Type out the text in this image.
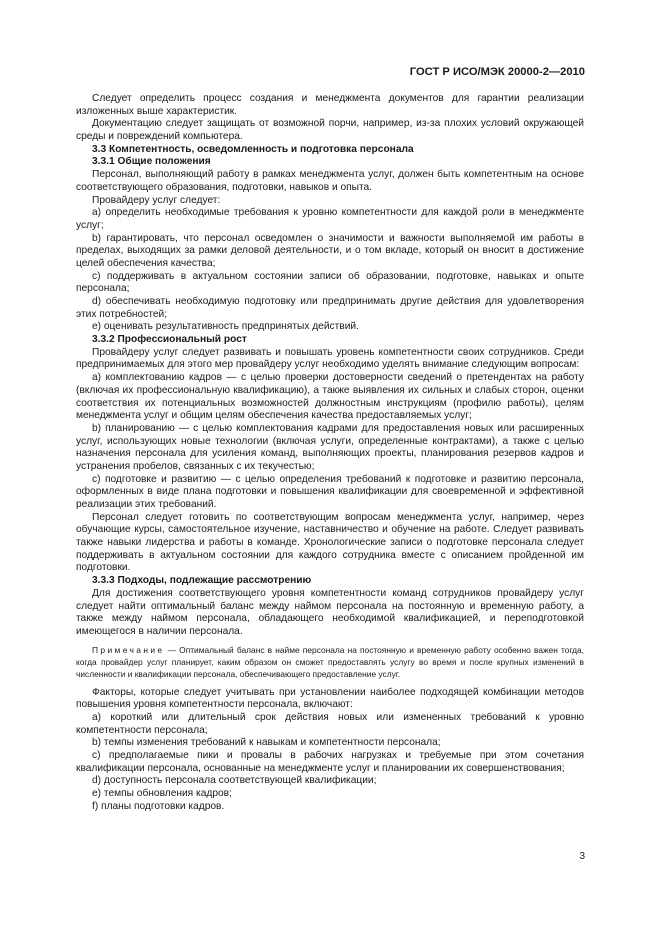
ГОСТ Р ИСО/МЭК 20000-2—2010

Следует определить процесс создания и менеджмента документов для гарантии реализации изложенных выше характеристик.

Документацию следует защищать от возможной порчи, например, из-за плохих условий окружающей среды и повреждений компьютера.

3.3 Компетентность, осведомленность и подготовка персонала

3.3.1 Общие положения

Персонал, выполняющий работу в рамках менеджмента услуг, должен быть компетентным на основе соответствующего образования, подготовки, навыков и опыта.

Провайдеру услуг следует:

a) определить необходимые требования к уровню компетентности для каждой роли в менеджменте услуг;

b) гарантировать, что персонал осведомлен о значимости и важности выполняемой им работы в пределах, выходящих за рамки деловой деятельности, и о том вкладе, который он вносит в достижение целей обеспечения качества;

c) поддерживать в актуальном состоянии записи об образовании, подготовке, навыках и опыте персонала;

d) обеспечивать необходимую подготовку или предпринимать другие действия для удовлетворения этих потребностей;

e) оценивать результативность предпринятых действий.

3.3.2 Профессиональный рост

Провайдеру услуг следует развивать и повышать уровень компетентности своих сотрудников. Среди предпринимаемых для этого мер провайдеру услуг необходимо уделять внимание следующим вопросам:

a) комплектованию кадров — с целью проверки достоверности сведений о претендентах на работу (включая их профессиональную квалификацию), а также выявления их сильных и слабых сторон, оценки соответствия их потенциальных возможностей должностным инструкциям (профилю работы), целям менеджмента услуг и общим целям обеспечения качества предоставляемых услуг;

b) планированию — с целью комплектования кадрами для предоставления новых или расширенных услуг, использующих новые технологии (включая услуги, определенные контрактами), а также с целью назначения персонала для усиления команд, выполняющих проекты, планирования резервов кадров и устранения пробелов, связанных с их текучестью;

c) подготовке и развитию — с целью определения требований к подготовке и развитию персонала, оформленных в виде плана подготовки и повышения квалификации для своевременной и эффективной реализации этих требований.

Персонал следует готовить по соответствующим вопросам менеджмента услуг, например, через обучающие курсы, самостоятельное изучение, наставничество и обучение на работе. Следует развивать также навыки лидерства и работы в команде. Хронологические записи о подготовке персонала следует поддерживать в актуальном состоянии для каждого сотрудника вместе с описанием пройденной им подготовки.

3.3.3 Подходы, подлежащие рассмотрению

Для достижения соответствующего уровня компетентности команд сотрудников провайдеру услуг следует найти оптимальный баланс между наймом персонала на постоянную и временную работу, а также между наймом персонала, обладающего необходимой квалификацией, и переподготовкой имеющегося в наличии персонала.

Примечание — Оптимальный баланс в найме персонала на постоянную и временную работу особенно важен тогда, когда провайдер услуг планирует, каким образом он сможет предоставлять услугу во время и после крупных изменений в численности и квалификации персонала, обеспечивающего предоставление услуг.

Факторы, которые следует учитывать при установлении наиболее подходящей комбинации методов повышения уровня компетентности персонала, включают:

a) короткий или длительный срок действия новых или измененных требований к уровню компетентности персонала;

b) темпы изменения требований к навыкам и компетентности персонала;

c) предполагаемые пики и провалы в рабочих нагрузках и требуемые при этом сочетания квалификации персонала, основанные на менеджменте услуг и планировании их совершенствования;

d) доступность персонала соответствующей квалификации;

e) темпы обновления кадров;

f) планы подготовки кадров.

3
